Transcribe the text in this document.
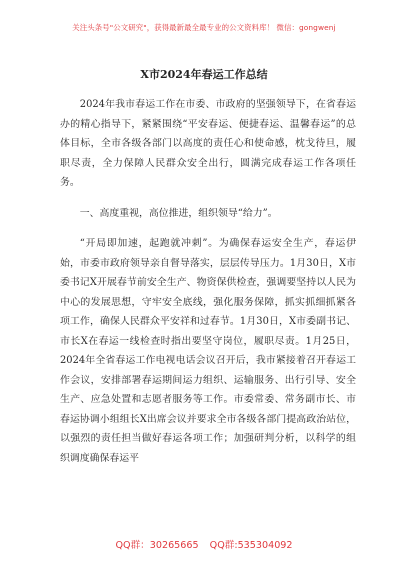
关注头条号"公文研究"，获得最新最全最专业的公文资料库！ 微信：gongwenj
X市2024年春运工作总结

2024年我市春运工作在市委、市政府的坚强领导下，在省春运办的精心指导下，紧紧围绕“平安春运、便捷春运、温馨春运”的总体目标，全市各级各部门以高度的责任心和使命感，枕戈待旦，履职尽责，全力保障人民群众安全出行，圆满完成春运工作各项任务。

一、高度重视，高位推进，组织领导“给力”。

“开局即加速，起跑就冲刺”。为确保春运安全生产，春运伊始，市委市政府领导亲自督导落实，层层传导压力。1月30日，X市委书记X开展春节前安全生产、物资保供检查，强调要坚持以人民为中心的发展思想，守牢安全底线，强化服务保障，抓实抓细抓紧各项工作，确保人民群众平安祥和过春节。1月30日，X市委副书记、市长X在春运一线检查时指出要坚守岗位，履职尽责。1月25日，2024年全省春运工作电视电话会议召开后，我市紧接着召开春运工作会议，安排部署春运期间运力组织、运输服务、出行引导、安全生产、应急处置和志愿者服务等工作。市委常委、常务副市长、市春运协调小组组长X出席会议并要求全市各级各部门提高政治站位，以强烈的责任担当做好春运各项工作；加强研判分析，以科学的组织调度确保春运平

QQ群：30265665 QQ群:535304092
